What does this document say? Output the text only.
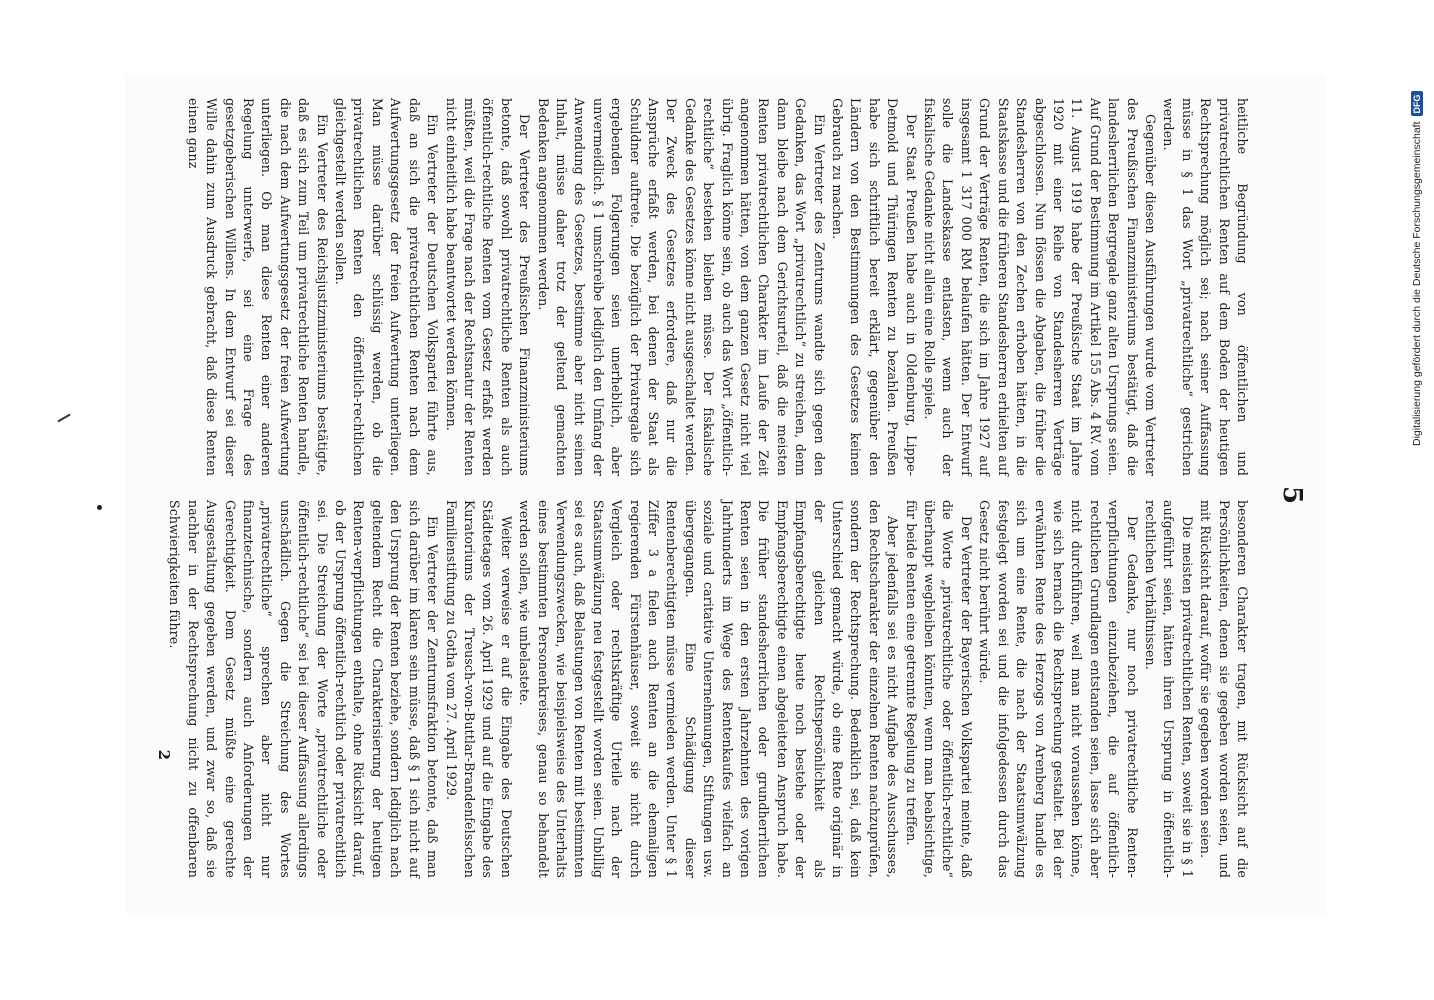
5

heitliche Begründung von öffentlichen und privatrechtlichen Renten auf dem Boden der heutigen Rechtsprechung möglich sei; nach seiner Auffassung müsse in § 1 das Wort „privatrechtliche“ gestrichen werden.

Gegenüber diesen Ausführungen wurde vom Vertreter des Preußischen Finanzministeriums bestätigt, daß die landesherrlichen Bergregale ganz alten Ursprungs seien. Auf Grund der Bestimmung im Artikel 155 Abs. 4 RV. vom 11. August 1919 habe der Preußische Staat im Jahre 1920 mit einer Reihe von Standesherren Verträge abgeschlossen. Nun flössen die Abgaben, die früher die Standesherren von den Zechen erhoben hätten, in die Staatskasse und die früheren Standesherren erhielten auf Grund der Verträge Renten, die sich im Jahre 1927 auf insgesamt 1 317 000 RM belaufen hätten. Der Entwurf solle die Landeskasse entlasten, wenn auch der fiskalische Gedanke nicht allein eine Rolle spiele.

Der Staat Preußen habe auch in Oldenburg, Lippe-Detmold und Thüringen Renten zu bezahlen. Preußen habe sich schriftlich bereit erklärt, gegenüber den Ländern von den Bestimmungen des Gesetzes keinen Gebrauch zu machen.

Ein Vertreter des Zentrums wandte sich gegen den Gedanken, das Wort „privatrechtlich“ zu streichen, denn dann bleibe nach dem Gerichtsurteil, daß die meisten Renten privatrechtlichen Charakter im Laufe der Zeit angenommen hätten, von dem ganzen Gesetz nicht viel übrig. Fraglich könne sein, ob auch das Wort „öffentlich-rechtliche“ bestehen bleiben müsse. Der fiskalische Gedanke des Gesetzes könne nicht ausgeschaltet werden. Der Zweck des Gesetzes erfordere, daß nur die Ansprüche erfaßt werden, bei denen der Staat als Schuldner auftrete. Die bezüglich der Privatregale sich ergebenden Folgerungen seien unerheblich, aber unvermeidlich. § 1 umschreibe lediglich den Umfang der Anwendung des Gesetzes, bestimme aber nicht seinen Inhalt, müsse daher trotz der geltend gemachten Bedenken angenommen werden.

Der Vertreter des Preußischen Finanzministeriums betonte, daß sowohl privatrechtliche Renten als auch öffentlich-rechtliche Renten vom Gesetz erfaßt werden müßten, weil die Frage nach der Rechtsnatur der Renten nicht einheitlich habe beantwortet werden können.

Ein Vertreter der Deutschen Volkspartei führte aus, daß an sich die privatrechtlichen Renten nach dem Aufwertungsgesetz der freien Aufwertung unterliegen. Man müsse darüber schlüssig werden, ob die privatrechtlichen Renten den öffentlich-rechtlichen gleichgestellt werden sollen.

Ein Vertreter des Reichsjustizministeriums bestätigte, daß es sich zum Teil um privatrechtliche Renten handle, die nach dem Aufwertungsgesetz der freien Aufwertung unterliegen. Ob man diese Renten einer anderen Regelung unterwerfe, sei eine Frage des gesetzgeberischen Willens. In dem Entwurf sei dieser Wille dahin zum Ausdruck gebracht, daß diese Renten einen ganz

besonderen Charakter tragen, mit Rücksicht auf die Persönlichkeiten, denen sie gegeben worden seien, und mit Rücksicht darauf, wofür sie gegeben worden seien.

Die meisten privatrechtlichen Renten, soweit sie in § 1 aufgeführt seien, hätten ihren Ursprung in öffentlich-rechtlichen Verhältnissen.

Der Gedanke, nur noch privatrechtliche Renten-verpflichtungen einzubeziehen, die auf öffentlich-rechtlichen Grundlagen entstanden seien, lasse sich aber nicht durchführen, weil man nicht voraussehen könne, wie sich hernach die Rechtsprechung gestaltet. Bei der erwähnten Rente des Herzogs von Arenberg handle es sich um eine Rente, die nach der Staatsumwälzung festgelegt worden sei und die infolgedessen durch das Gesetz nicht berührt würde.

Der Vertreter der Bayerischen Volkspartei meinte, daß die Worte „privatrechtliche oder öffentlich-rechtliche“ überhaupt wegbleiben könnten, wenn man beabsichtige, für beide Renten eine getrennte Regelung zu treffen.

Aber jedenfalls sei es nicht Aufgabe des Ausschusses, den Rechtscharakter der einzelnen Renten nachzuprüfen, sondern der Rechtsprechung. Bedenklich sei, daß kein Unterschied gemacht würde, ob eine Rente originär in der gleichen Rechtspersönlichkeit als Empfangsberechtigte heute noch bestehe oder der Empfangsberechtigte einen abgeleiteten Anspruch habe. Die früher standesherrlichen oder grundherrlichen Renten seien in den ersten Jahrzehnten des vorigen Jahrhunderts im Wege des Rentenkaufes vielfach an soziale und caritative Unternehmungen, Stiftungen usw. übergegangen. Eine Schädigung dieser Rentenberechtigten müsse vermieden werden. Unter § 1 Ziffer 3 a fielen auch Renten an die ehemaligen regierenden Fürstenhäuser, soweit sie nicht durch Vergleich oder rechtskräftige Urteile nach der Staatsumwälzung neu festgestellt worden seien. Unbillig sei es auch, daß Belastungen von Renten mit bestimmten Verwendungszwecken, wie beispielsweise des Unterhalts eines bestimmten Personenkreises, genau so behandelt werden sollen, wie unbelastete.

Weiter verweise er auf die Eingabe des Deutschen Städtetages vom 26. April 1929 und auf die Eingabe des Kuratoriums der Treusch-von-Buttlar-Brandenfelsschen Familienstiftung zu Gotha vom 27. April 1929.

Ein Vertreter der Zentrumsfraktion betonte, daß man sich darüber im klaren sein müsse, daß § 1 sich nicht auf den Ursprung der Renten beziehe, sondern lediglich nach geltendem Recht die Charakterisierung der heutigen Renten-verpflichtungen enthalte, ohne Rücksicht darauf, ob der Ursprung öffentlich-rechtlich oder privatrechtlich sei. Die Streichung der Worte „privatrechtliche oder öffentlich-rechtliche“ sei bei dieser Auffassung allerdings unschädlich. Gegen die Streichung des Wortes „privatrechtliche“ sprechen aber nicht nur finanztechnische, sondern auch Anforderungen der Gerechtigkeit. Dem Gesetz müßte eine gerechte Ausgestaltung gegeben werden, und zwar so, daß sie nachher in der Rechtsprechung nicht zu offenbaren Schwierigkeiten führe.

2
Digitalisierung gefördert durch die Deutsche Forschungsgemeinschaft
DFG
